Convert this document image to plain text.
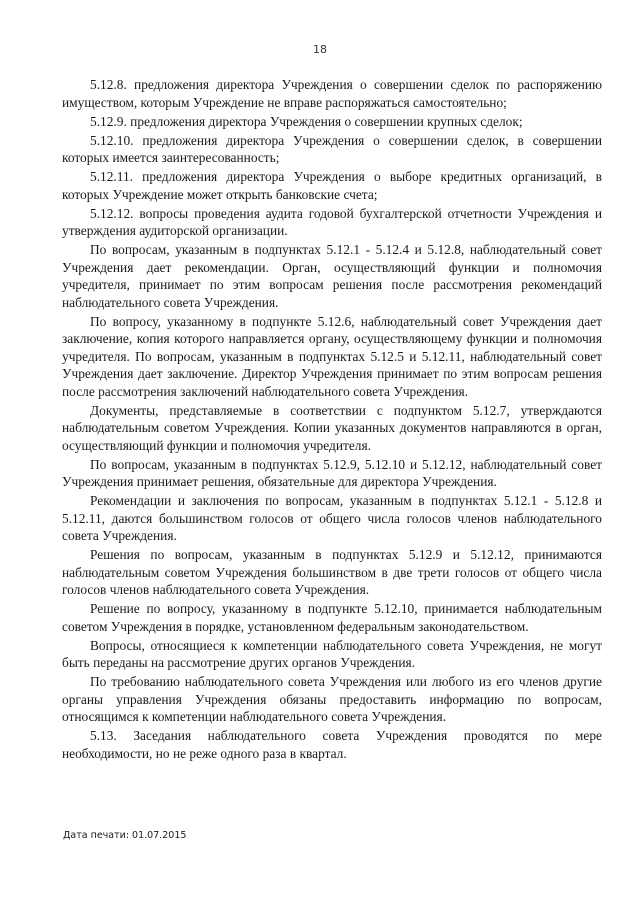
18

5.12.8. предложения директора Учреждения о совершении сделок по распоряжению имуществом, которым Учреждение не вправе распоряжаться самостоятельно;

5.12.9. предложения директора Учреждения о совершении крупных сделок;

5.12.10. предложения директора Учреждения о совершении сделок, в совершении которых имеется заинтересованность;

5.12.11. предложения директора Учреждения о выборе кредитных организаций, в которых Учреждение может открыть банковские счета;

5.12.12. вопросы проведения аудита годовой бухгалтерской отчетности Учреждения и утверждения аудиторской организации.

По вопросам, указанным в подпунктах 5.12.1 - 5.12.4 и 5.12.8, наблюдательный совет Учреждения дает рекомендации. Орган, осуществляющий функции и полномочия учредителя, принимает по этим вопросам решения после рассмотрения рекомендаций наблюдательного совета Учреждения.

По вопросу, указанному в подпункте 5.12.6, наблюдательный совет Учреждения дает заключение, копия которого направляется органу, осуществляющему функции и полномочия учредителя. По вопросам, указанным в подпунктах 5.12.5 и 5.12.11, наблюдательный совет Учреждения дает заключение. Директор Учреждения принимает по этим вопросам решения после рассмотрения заключений наблюдательного совета Учреждения.

Документы, представляемые в соответствии с подпунктом 5.12.7, утверждаются наблюдательным советом Учреждения. Копии указанных документов направляются в орган, осуществляющий функции и полномочия учредителя.

По вопросам, указанным в подпунктах 5.12.9, 5.12.10 и 5.12.12, наблюдательный совет Учреждения принимает решения, обязательные для директора Учреждения.

Рекомендации и заключения по вопросам, указанным в подпунктах 5.12.1 - 5.12.8 и 5.12.11, даются большинством голосов от общего числа голосов членов наблюдательного совета Учреждения.

Решения по вопросам, указанным в подпунктах 5.12.9 и 5.12.12, принимаются наблюдательным советом Учреждения большинством в две трети голосов от общего числа голосов членов наблюдательного совета Учреждения.

Решение по вопросу, указанному в подпункте 5.12.10, принимается наблюдательным советом Учреждения в порядке, установленном федеральным законодательством.

Вопросы, относящиеся к компетенции наблюдательного совета Учреждения, не могут быть переданы на рассмотрение других органов Учреждения.

По требованию наблюдательного совета Учреждения или любого из его членов другие органы управления Учреждения обязаны предоставить информацию по вопросам, относящимся к компетенции наблюдательного совета Учреждения.

5.13. Заседания наблюдательного совета Учреждения проводятся по мере необходимости, но не реже одного раза в квартал.

Дата печати: 01.07.2015
